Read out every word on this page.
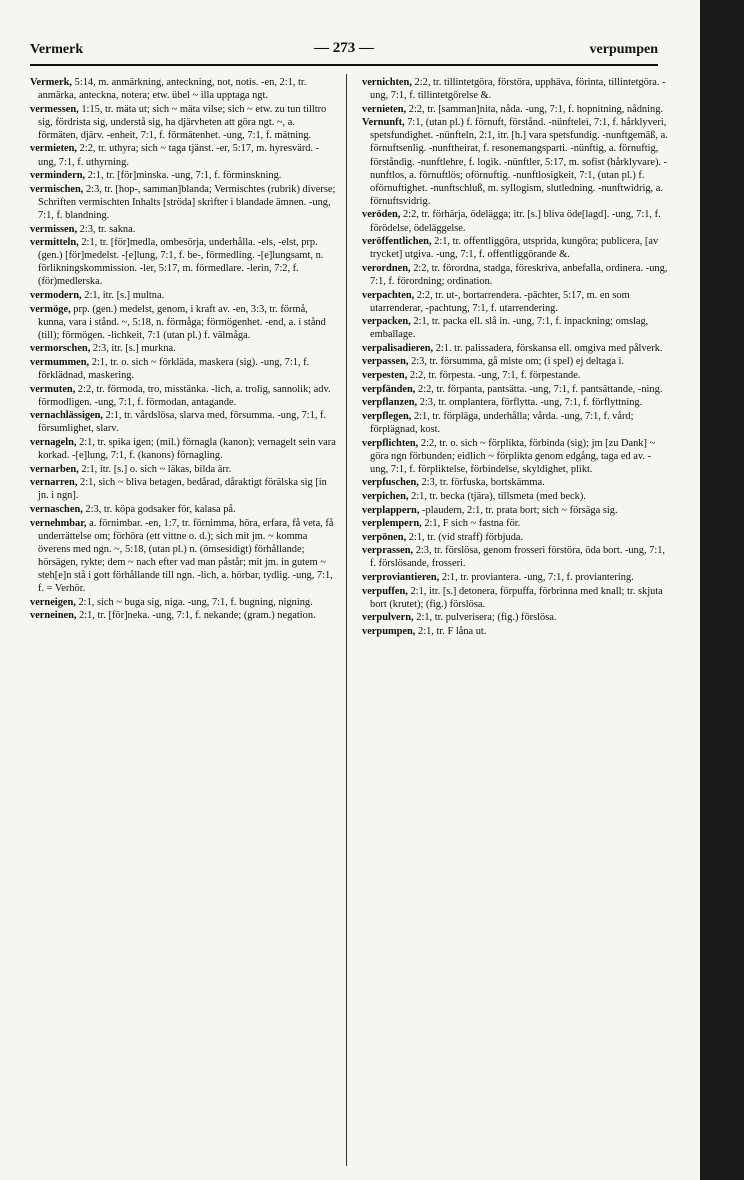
Vermerk	— 273 —	verpumpen
Vermerk, 5:14, m. anmärkning, anteckning, not, notis. -en, 2:1, tr. anmärka, anteckna, notera; etw. übel ~ illa upptaga ngt.
vermessen, 1:15, tr. mäta ut; sich ~ mäta vilse; sich ~ etw. zu tun tilltro sig, fördrista sig, understå sig, ha djärvheten att göra ngt. ~, a. förmäten, djärv. -enheit, 7:1, f. förmätenhet. -ung, 7:1, f. mätning.
vermieten, 2:2, tr. uthyra; sich ~ taga tjänst. -er, 5:17, m. hyresvärd. -ung, 7:1, f. uthyrning.
vermindern, 2:1, tr. [för]minska. -ung, 7:1, f. förminskning.
vermischen, 2:3, tr. [hop-, samman]blanda; Vermischtes (rubrik) diverse; Schriften vermischten Inhalts [ströda] skrifter i blandade ämnen. -ung, 7:1, f. blandning.
vermissen, 2:3, tr. sakna.
vermitteln, 2:1, tr. [för]medla, ombesörja, underhålla. -els, -elst, prp. (gen.) [för]medelst. -[e]lung, 7:1, f. be-, förmedling. -[e]lungsamt, n. förlikningskommission. -ler, 5:17, m. förmedlare. -lerin, 7:2, f. (för)medlerska.
vermodern, 2:1, itr. [s.] multna.
vermöge, prp. (gen.) medelst, genom, i kraft av. -en, 3:3, tr. förmå, kunna, vara i stånd. ~, 5:18, n. förmåga; förmögenhet. -end, a. i stånd (till); förmögen. -lichkeit, 7:1 (utan pl.) f. välmåga.
vermorschen, 2:3, itr. [s.] murkna.
vermummen, 2:1, tr. o. sich ~ förkläda, maskera (sig). -ung, 7:1, f. förklädnad, maskering.
vermuten, 2:2, tr. förmoda, tro, misstänka. -lich, a. trolig, sannolik; adv. förmodligen. -ung, 7:1, f. förmodan, antagande.
vernachlässigen, 2:1, tr. vårdslösa, slarva med, försumma. -ung, 7:1, f. försumlighet, slarv.
vernageln, 2:1, tr. spika igen; (mil.) förnagla (kanon); vernagelt sein vara korkad. -[e]lung, 7:1, f. (kanons) förnagling.
vernarben, 2:1, itr. [s.] o. sich ~ läkas, bilda ärr.
vernarren, 2:1, sich ~ bliva betagen, bedårad, dåraktigt förälska sig [in jn. i ngn].
vernaschen, 2:3, tr. köpa godsaker för, kalasa på.
vernehmbar, a. förnimbar. -en, 1:7, tr. förnimma, höra, erfara, få veta, få underrättelse om; förhöra (ett vittne o. d.); sich mit jm. ~ komma överens med ngn. ~, 5:18, (utan pl.) n. (ömsesidigt) förhållande; hörsägen, rykte; dem ~ nach efter vad man påstår; mit jm. in gutem ~ steh[e]n stå i gott förhållande till ngn. -lich, a. hörbar, tydlig. -ung, 7:1, f. = Verhör.
verneigen, 2:1, sich ~ buga sig, niga. -ung, 7:1, f. bugning, nigning.
verneinen, 2:1, tr. [för]neka. -ung, 7:1, f. nekande; (gram.) negation.
vernichten, 2:2, tr. tillintetgöra, förstöra, upphäva, förinta, tillintetgöra. -ung, 7:1, f. tillintetgörelse &.
vernieten, 2:2, tr. [samman]nita, nåda. -ung, 7:1, f. hopnitning, nådning.
Vernunft, 7:1, (utan pl.) f. förnuft, förstånd. -nünftelei, 7:1, f. hårklyveri, spetsfundighet. -nünfteln, 2:1, itr. [h.] vara spetsfundig. -nunftgemäß, a. förnuftsenlig. -nunftheirat, f. resonemangsparti. -nünftig, a. förnuftig, förståndig. -nunftlehre, f. logik. -nünftler, 5:17, m. sofist (hårklyvare). -nunftlos, a. förnuftlös; oförnuftig. -nunftlosigkeit, 7:1, (utan pl.) f. oförnuftighet. -nunftschluß, m. syllogism, slutledning. -nunftwidrig, a. förnuftsvidrig.
veröden, 2:2, tr. förhärja, ödelägga; itr. [s.] bliva öde[lagd]. -ung, 7:1, f. förödelse, ödeläggelse.
veröffentlichen, 2:1, tr. offentliggöra, utsprida, kungöra; publicera, [av trycket] utgiva. -ung, 7:1, f. offentliggörande &.
verordnen, 2:2, tr. förordna, stadga, föreskriva, anbefalla, ordinera. -ung, 7:1, f. förordning; ordination.
verpachten, 2:2, tr. ut-, bortarrendera. -pächter, 5:17, m. en som utarrenderar, -pachtung, 7:1, f. utarrendering.
verpacken, 2:1, tr. packa ell. slå in. -ung, 7:1, f. inpackning; omslag, emballage.
verpalisadieren, 2:1. tr. palissadera, förskansa ell. omgiva med pålverk.
verpassen, 2:3, tr. försumma, gå miste om; (i spel) ej deltaga i.
verpesten, 2:2, tr. förpesta. -ung, 7:1, f. förpestande.
verpfänden, 2:2, tr. förpanta, pantsätta. -ung, 7:1, f. pantsättande, -ning.
verpflanzen, 2:3, tr. omplantera, förflytta. -ung, 7:1, f. förflyttning.
verpflegen, 2:1, tr. förpläga, underhålla; vårda. -ung, 7:1, f. vård; förplägnad, kost.
verpflichten, 2:2, tr. o. sich ~ förplikta, förbinda (sig); jm [zu Dank] ~ göra ngn förbunden; eidlich ~ förplikta genom edgång, taga ed av. -ung, 7:1, f. förpliktelse, förbindelse, skyldighet, plikt.
verpfuschen, 2:3, tr. förfuska, bortskämma.
verpichen, 2:1, tr. becka (tjära), tillsmeta (med beck).
verplappern, -plaudern, 2:1, tr. prata bort; sich ~ försäga sig.
verplempern, 2:1, F sich ~ fastna för.
verpönen, 2:1, tr. (vid straff) förbjuda.
verprassen, 2:3, tr. förslösa, genom frosseri förstöra, öda bort. -ung, 7:1, f. förslösande, frosseri.
verproviantieren, 2:1, tr. proviantera. -ung, 7:1, f. proviantering.
verpuffen, 2:1, itr. [s.] detonera, förpuffa, förbrinna med knall; tr. skjuta bort (krutet); (fig.) förslösa.
verpulvern, 2:1, tr. pulverisera; (fig.) förslösa.
verpumpen, 2:1, tr. F låna ut.
